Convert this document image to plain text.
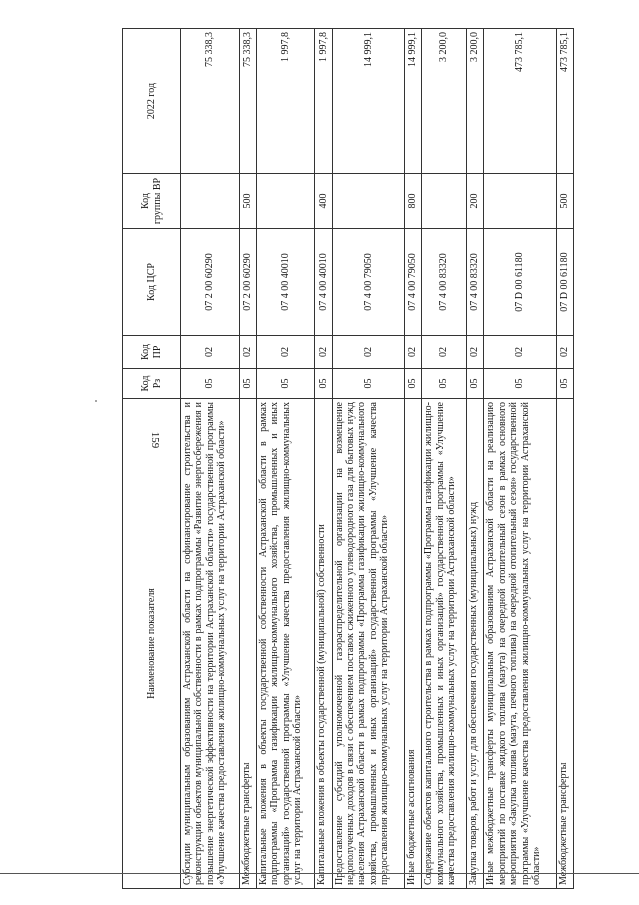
159
Наименование показателя	Код Рз	Код ПР	Код ЦСР	Код группы ВР	2022 год
Субсидии муниципальным образованиям Астраханской области на софинансирование строительства и реконструкции объектов муниципальной собственности в рамках подпрограммы «Развитие энергосбережения и повышение энергетической эффективности на территории Астраханской области» государственной программы «Улучшение качества предоставления жилищно-коммунальных услуг на территории Астраханской области»	05	02	07 2 00 60290		75 338,3
Межбюджетные трансферты	05	02	07 2 00 60290	500	75 338,3
Капитальные вложения в объекты государственной собственности Астраханской области в рамках подпрограммы «Программа газификации жилищно-коммунального хозяйства, промышленных и иных организаций» государственной программы «Улучшение качества предоставления жилищно-коммунальных услуг на территории Астраханской области»	05	02	07 4 00 40010		1 997,8
Капитальные вложения в объекты государственной (муниципальной) собственности	05	02	07 4 00 40010	400	1 997,8
Предоставление субсидий уполномоченной газораспределительной организации на возмещение недополученных доходов в связи с обеспечением поставок сжиженного углеводородного газа для бытовых нужд населения Астраханской области в рамках подпрограммы «Программа газификации жилищно-коммунального хозяйства, промышленных и иных организаций» государственной программы «Улучшение качества предоставления жилищно-коммунальных услуг на территории Астраханской области»	05	02	07 4 00 79050		14 999,1
Иные бюджетные ассигнования	05	02	07 4 00 79050	800	14 999,1
Содержание объектов капитального строительства в рамках подпрограммы «Программа газификации жилищно-коммунального хозяйства, промышленных и иных организаций» государственной программы «Улучшение качества предоставления жилищно-коммунальных услуг на территории Астраханской области»	05	02	07 4 00 83320		3 200,0
Закупка товаров, работ и услуг для обеспечения государственных (муниципальных) нужд	05	02	07 4 00 83320	200	3 200,0
Иные межбюджетные трансферты муниципальным образованиям Астраханской области на реализацию мероприятий по поставке жидкого топлива (мазута) на очередной отопительный сезон в рамках основного мероприятия «Закупка топлива (мазута, печного топлива) на очередной отопительный сезон» государственной программы «Улучшение качества предоставления жилищно-коммунальных услуг на территории Астраханской области»	05	02	07 D 00 61180		473 785,1
Межбюджетные трансферты	05	02	07 D 00 61180	500	473 785,1
